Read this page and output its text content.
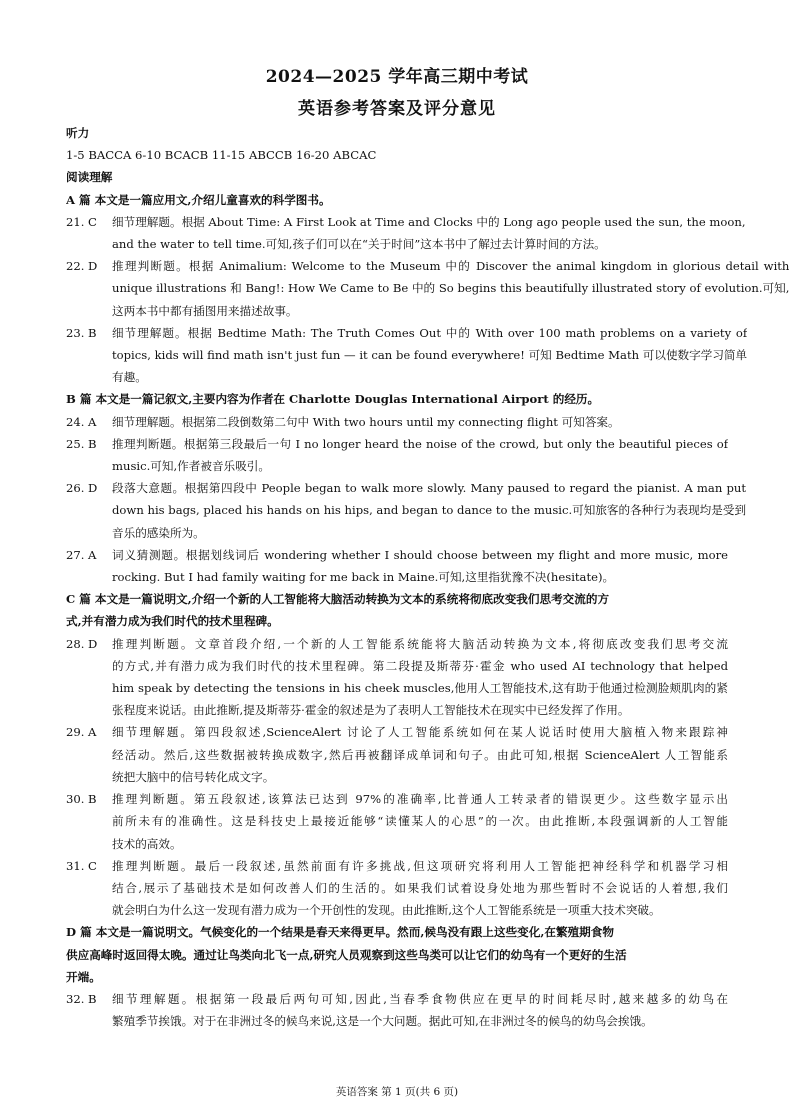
2024—2025 学年高三期中考试
英语参考答案及评分意见
听力
1-5 BACCA 6-10 BCACB 11-15 ABCCB 16-20 ABCAC
阅读理解
A 篇 本文是一篇应用文,介绍儿童喜欢的科学图书。
21. C	细节理解题。根据 About Time: A First Look at Time and Clocks 中的 Long ago people used the sun, the moon,
and the water to tell time.可知,孩子们可以在“关于时间”这本书中了解过去计算时间的方法。
22. D	推理判断题。根据 Animalium: Welcome to the Museum 中的 Discover the animal kingdom in glorious detail with
unique illustrations 和 Bang!: How We Came to Be 中的 So begins this beautifully illustrated story of evolution.可知,
这两本书中都有插图用来描述故事。
23. B	细节理解题。根据 Bedtime Math: The Truth Comes Out 中的 With over 100 math problems on a variety of
topics, kids will find math isn't just fun — it can be found everywhere! 可知 Bedtime Math 可以使数字学习简单
有趣。
B 篇 本文是一篇记叙文,主要内容为作者在 Charlotte Douglas International Airport 的经历。
24. A	细节理解题。根据第二段倒数第二句中 With two hours until my connecting flight 可知答案。
25. B	推理判断题。根据第三段最后一句 I no longer heard the noise of the crowd, but only the beautiful pieces of
music.可知,作者被音乐吸引。
26. D	段落大意题。根据第四段中 People began to walk more slowly. Many paused to regard the pianist. A man put
down his bags, placed his hands on his hips, and began to dance to the music.可知旅客的各种行为表现均是受到
音乐的感染所为。
27. A	词义猜测题。根据划线词后 wondering whether I should choose between my flight and more music, more
rocking. But I had family waiting for me back in Maine.可知,这里指犹豫不决(hesitate)。
C 篇 本文是一篇说明文,介绍一个新的人工智能将大脑活动转换为文本的系统将彻底改变我们思考交流的方
式,并有潜力成为我们时代的技术里程碑。
28. D	推理判断题。文章首段介绍,一个新的人工智能系统能将大脑活动转换为文本,将彻底改变我们思考交流
的方式,并有潜力成为我们时代的技术里程碑。第二段提及斯蒂芬·霍金 who used AI technology that helped
him speak by detecting the tensions in his cheek muscles,他用人工智能技术,这有助于他通过检测脸颊肌肉的紧
张程度来说话。由此推断,提及斯蒂芬·霍金的叙述是为了表明人工智能技术在现实中已经发挥了作用。
29. A	细节理解题。第四段叙述,ScienceAlert 讨论了人工智能系统如何在某人说话时使用大脑植入物来跟踪神
经活动。然后,这些数据被转换成数字,然后再被翻译成单词和句子。由此可知,根据 ScienceAlert 人工智能系
统把大脑中的信号转化成文字。
30. B	推理判断题。第五段叙述,该算法已达到 97%的准确率,比普通人工转录者的错误更少。这些数字显示出
前所未有的准确性。这是科技史上最接近能够“读懂某人的心思”的一次。由此推断,本段强调新的人工智能
技术的高效。
31. C	推理判断题。最后一段叙述,虽然前面有许多挑战,但这项研究将利用人工智能把神经科学和机器学习相
结合,展示了基础技术是如何改善人们的生活的。如果我们试着设身处地为那些暂时不会说话的人着想,我们
就会明白为什么这一发现有潜力成为一个开创性的发现。由此推断,这个人工智能系统是一项重大技术突破。
D 篇 本文是一篇说明文。气候变化的一个结果是春天来得更早。然而,候鸟没有跟上这些变化,在繁殖期食物
供应高峰时返回得太晚。通过让鸟类向北飞一点,研究人员观察到这些鸟类可以让它们的幼鸟有一个更好的生活
开端。
32. B	细节理解题。根据第一段最后两句可知,因此,当春季食物供应在更早的时间耗尽时,越来越多的幼鸟在
繁殖季节挨饿。对于在非洲过冬的候鸟来说,这是一个大问题。据此可知,在非洲过冬的候鸟的幼鸟会挨饿。
英语答案 第 1 页(共 6 页)
